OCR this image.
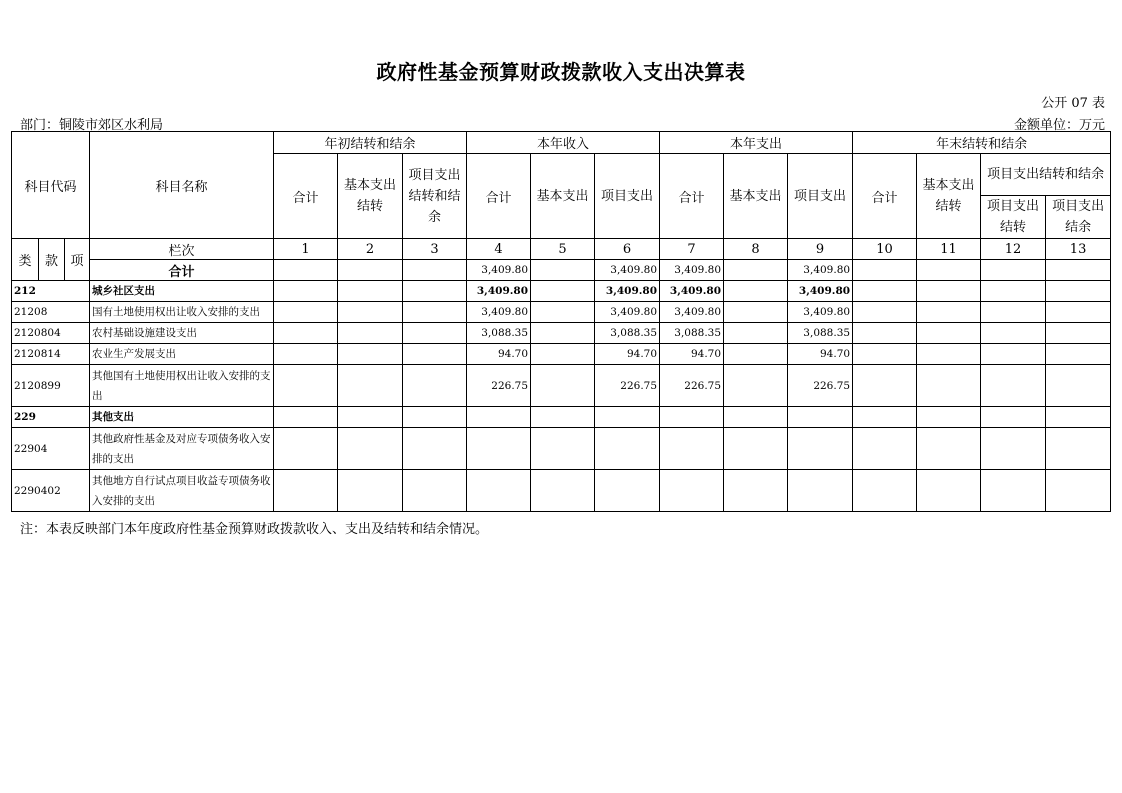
政府性基金预算财政拨款收入支出决算表
公开 07 表
部门：铜陵市郊区水利局	金额单位：万元
科目代码			科目名称	年初结转和结余			本年收入			本年支出			年末结转和结余			
				合计	基本支出结转	项目支出结转和结余	合计	基本支出	项目支出	合计	基本支出	项目支出	合计	基本支出结转	项目支出结转和结余	
															项目支出结转	项目支出结余
类	款	项	栏次	1	2	3	4	5	6	7	8	9	10	11	12	13
			合计				3,409.80		3,409.80	3,409.80		3,409.80				
212			城乡社区支出				3,409.80		3,409.80	3,409.80		3,409.80				
21208			国有土地使用权出让收入安排的支出				3,409.80		3,409.80	3,409.80		3,409.80				
2120804			农村基础设施建设支出				3,088.35		3,088.35	3,088.35		3,088.35				
2120814			农业生产发展支出				94.70		94.70	94.70		94.70				
2120899			其他国有土地使用权出让收入安排的支出				226.75		226.75	226.75		226.75				
229			其他支出													
22904			其他政府性基金及对应专项债务收入安排的支出													
2290402			其他地方自行试点项目收益专项债务收入安排的支出													
注：本表反映部门本年度政府性基金预算财政拨款收入、支出及结转和结余情况。
